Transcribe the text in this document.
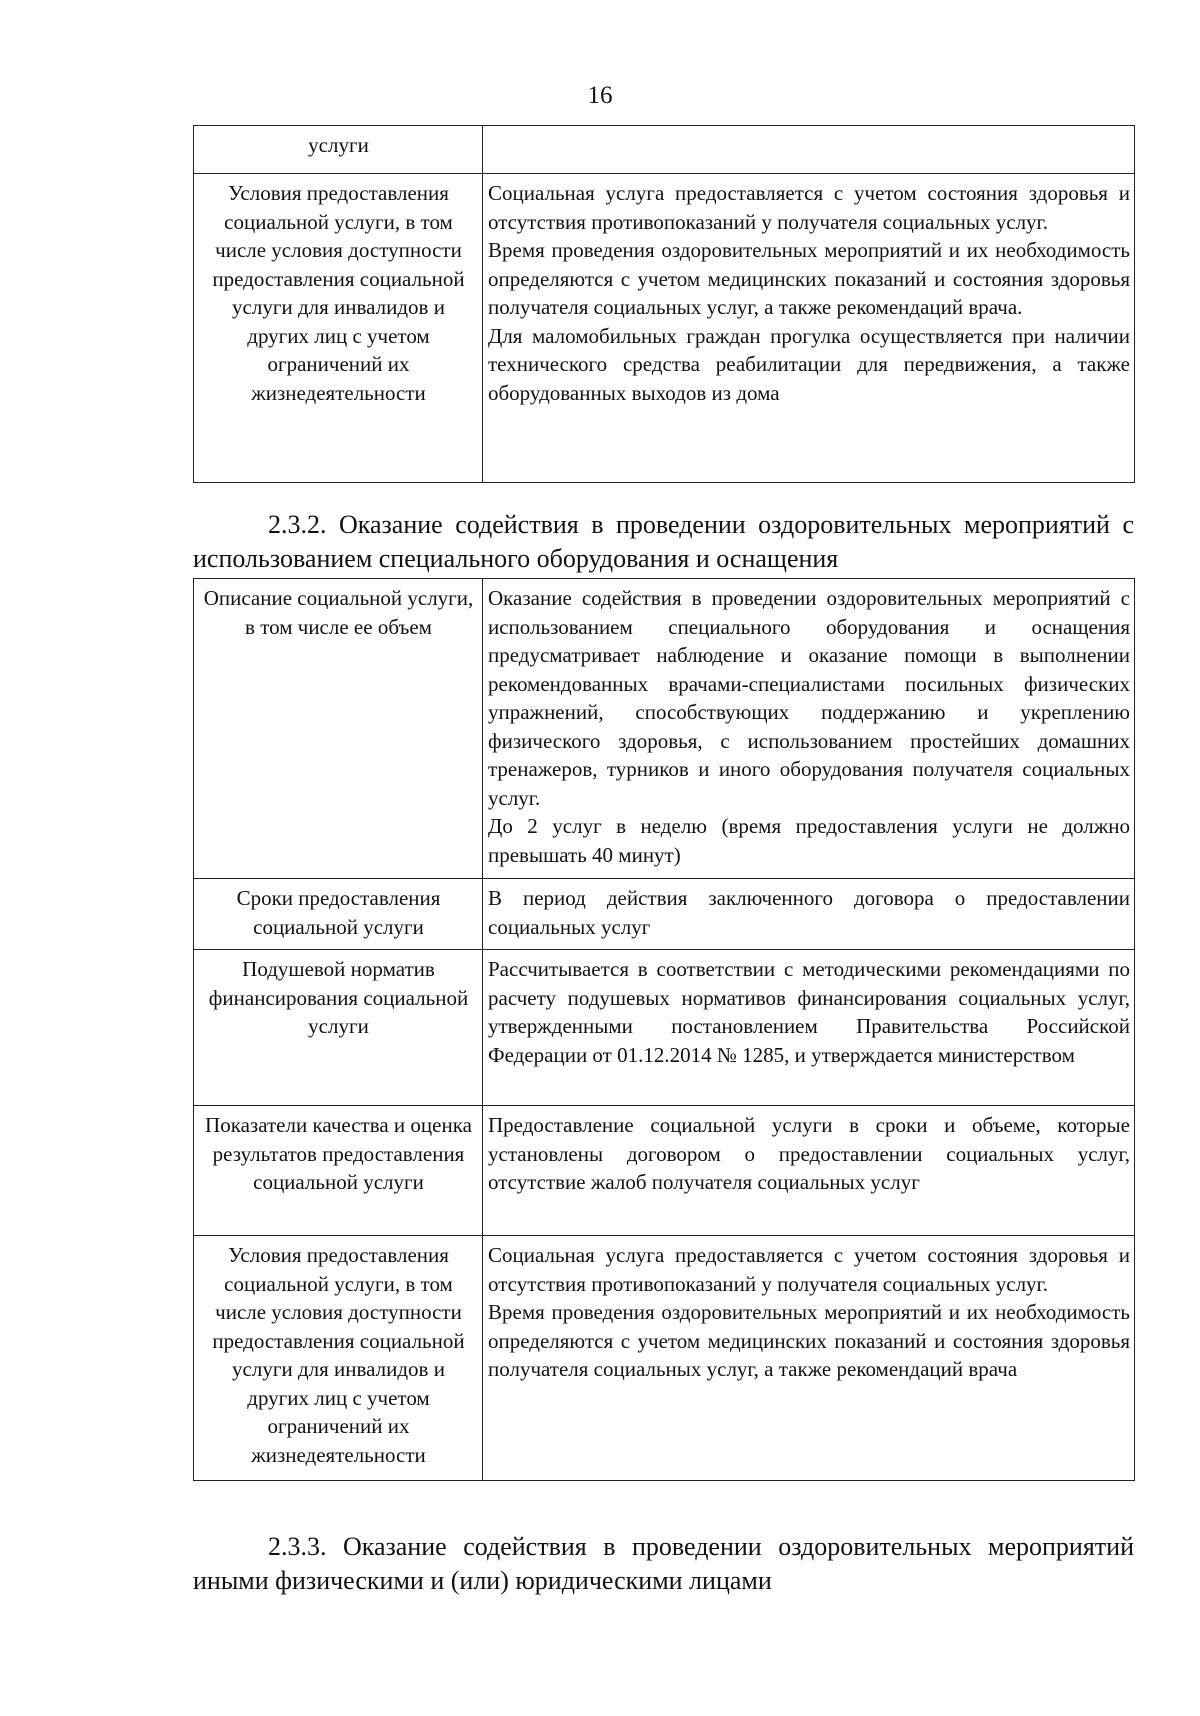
16
услуги	

Условия предоставления социальной услуги, в том числе условия доступности предоставления социальной услуги для инвалидов и других лиц с учетом ограничений их жизнедеятельности	Социальная услуга предоставляется с учетом состояния здоровья и отсутствия противопоказаний у получателя социальных услуг.
Время проведения оздоровительных мероприятий и их необходимость определяются с учетом медицинских показаний и состояния здоровья получателя социальных услуг, а также рекомендаций врача.
Для маломобильных граждан прогулка осуществляется при наличии технического средства реабилитации для передвижения, а также оборудованных выходов из дома
2.3.2. Оказание содействия в проведении оздоровительных мероприятий с использованием специального оборудования и оснащения
Описание социальной услуги, в том числе ее объем	Оказание содействия в проведении оздоровительных мероприятий с использованием специального оборудования и оснащения предусматривает наблюдение и оказание помощи в выполнении рекомендованных врачами-специалистами посильных физических упражнений, способствующих поддержанию и укреплению физического здоровья, с использованием простейших домашних тренажеров, турников и иного оборудования получателя социальных услуг.
До 2 услуг в неделю (время предоставления услуги не должно превышать 40 минут)

Сроки предоставления социальной услуги	В период действия заключенного договора о предоставлении социальных услуг

Подушевой норматив финансирования социальной услуги	Рассчитывается в соответствии с методическими рекомендациями по расчету подушевых нормативов финансирования социальных услуг, утвержденными постановлением Правительства Российской Федерации от 01.12.2014 № 1285, и утверждается министерством

Показатели качества и оценка результатов предоставления социальной услуги	Предоставление социальной услуги в сроки и объеме, которые установлены договором о предоставлении социальных услуг, отсутствие жалоб получателя социальных услуг

Условия предоставления социальной услуги, в том числе условия доступности предоставления социальной услуги для инвалидов и других лиц с учетом ограничений их жизнедеятельности	Социальная услуга предоставляется с учетом состояния здоровья и отсутствия противопоказаний у получателя социальных услуг.
Время проведения оздоровительных мероприятий и их необходимость определяются с учетом медицинских показаний и состояния здоровья получателя социальных услуг, а также рекомендаций врача
2.3.3. Оказание содействия в проведении оздоровительных мероприятий иными физическими и (или) юридическими лицами
